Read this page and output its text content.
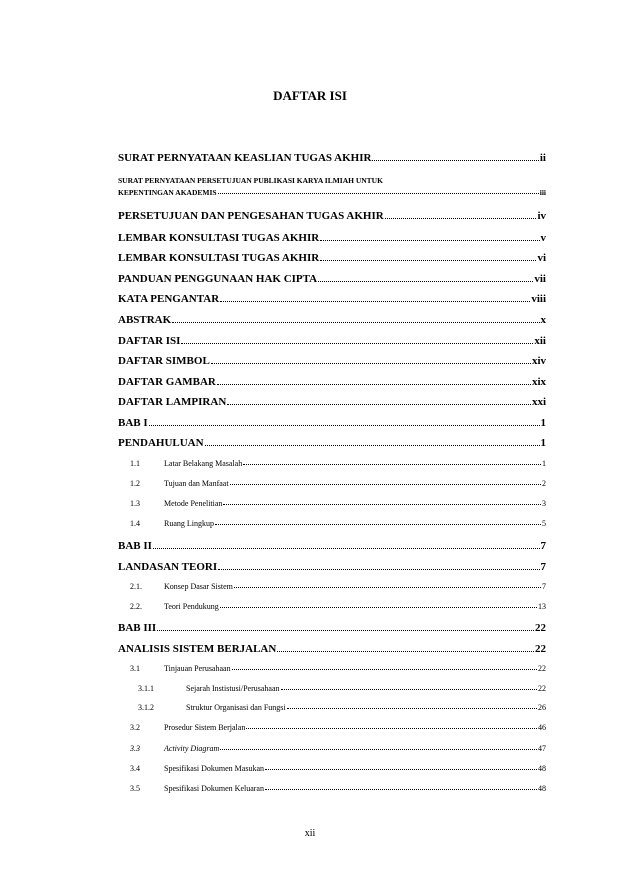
DAFTAR ISI
SURAT PERNYATAAN KEASLIAN TUGAS AKHIR	ii
SURAT PERNYATAAN PERSETUJUAN PUBLIKASI KARYA ILMIAH UNTUK
KEPENTINGAN AKADEMIS	iii
PERSETUJUAN DAN PENGESAHAN TUGAS AKHIR	iv
LEMBAR KONSULTASI TUGAS AKHIR	v
LEMBAR KONSULTASI TUGAS AKHIR	vi
PANDUAN PENGGUNAAN HAK CIPTA	vii
KATA PENGANTAR	viii
ABSTRAK	x
DAFTAR ISI	xii
DAFTAR SIMBOL	xiv
DAFTAR GAMBAR	xix
DAFTAR LAMPIRAN	xxi
BAB I	1
PENDAHULUAN	1
1.1	Latar Belakang Masalah	1
1.2	Tujuan dan Manfaat	2
1.3	Metode Penelitian	3
1.4	Ruang Lingkup	5
BAB II	7
LANDASAN TEORI	7
2.1.	Konsep Dasar Sistem	7
2.2.	Teori Pendukung	13
BAB III	22
ANALISIS SISTEM BERJALAN	22
3.1	Tinjauan Perusahaan	22
3.1.1	Sejarah Instistusi/Perusahaan	22
3.1.2	Struktur Organisasi dan Fungsi	26
3.2	Prosedur Sistem Berjalan	46
3.3	Activity Diagram	47
3.4	Spesifikasi Dokumen Masukan	48
3.5	Spesifikasi Dokumen Keluaran	48
xii
